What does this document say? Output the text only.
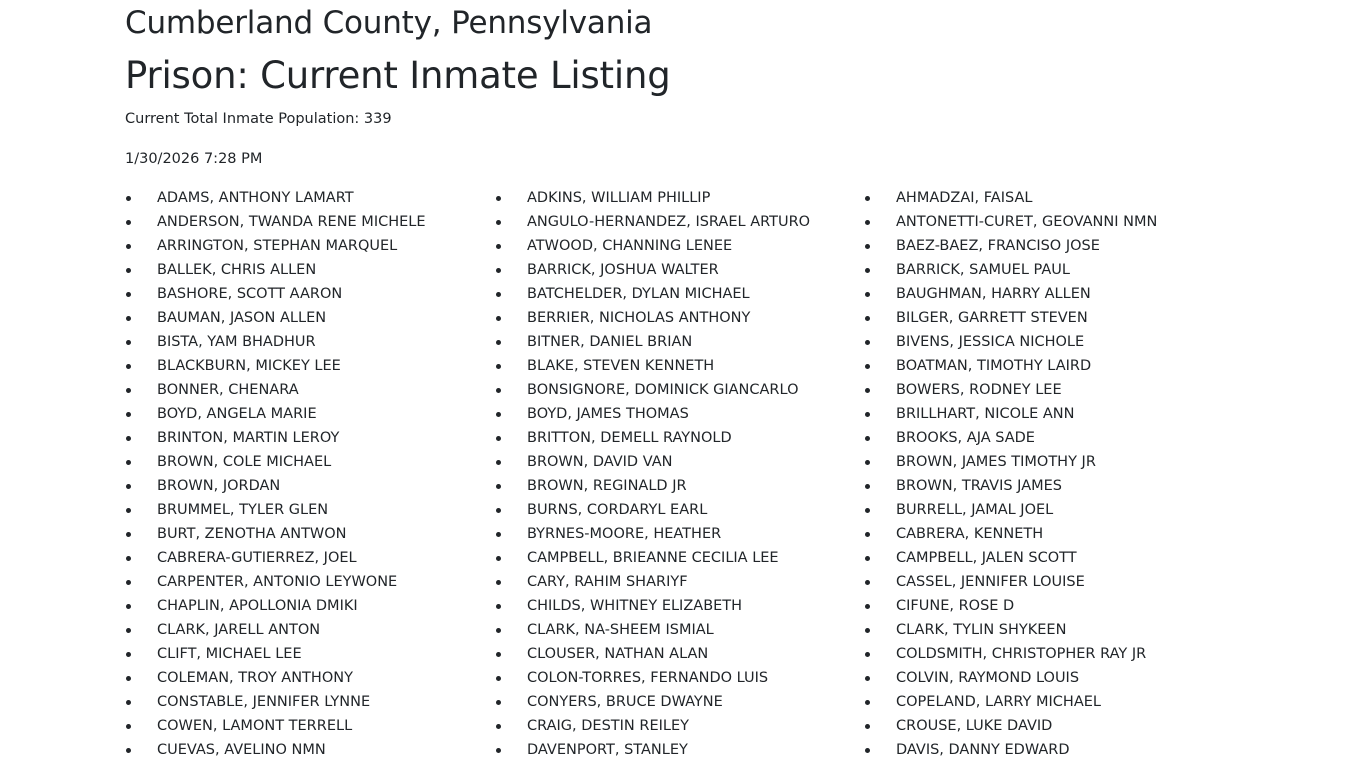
Cumberland County, Pennsylvania
Prison: Current Inmate Listing

Current Total Inmate Population: 339

1/30/2026 7:28 PM

ADAMS, ANTHONY LAMART
ANDERSON, TWANDA RENE MICHELE
ARRINGTON, STEPHAN MARQUEL
BALLEK, CHRIS ALLEN
BASHORE, SCOTT AARON
BAUMAN, JASON ALLEN
BISTA, YAM BHADHUR
BLACKBURN, MICKEY LEE
BONNER, CHENARA
BOYD, ANGELA MARIE
BRINTON, MARTIN LEROY
BROWN, COLE MICHAEL
BROWN, JORDAN
BRUMMEL, TYLER GLEN
BURT, ZENOTHA ANTWON
CABRERA-GUTIERREZ, JOEL
CARPENTER, ANTONIO LEYWONE
CHAPLIN, APOLLONIA DMIKI
CLARK, JARELL ANTON
CLIFT, MICHAEL LEE
COLEMAN, TROY ANTHONY
CONSTABLE, JENNIFER LYNNE
COWEN, LAMONT TERRELL
CUEVAS, AVELINO NMN
ADKINS, WILLIAM PHILLIP
ANGULO-HERNANDEZ, ISRAEL ARTURO
ATWOOD, CHANNING LENEE
BARRICK, JOSHUA WALTER
BATCHELDER, DYLAN MICHAEL
BERRIER, NICHOLAS ANTHONY
BITNER, DANIEL BRIAN
BLAKE, STEVEN KENNETH
BONSIGNORE, DOMINICK GIANCARLO
BOYD, JAMES THOMAS
BRITTON, DEMELL RAYNOLD
BROWN, DAVID VAN
BROWN, REGINALD JR
BURNS, CORDARYL EARL
BYRNES-MOORE, HEATHER
CAMPBELL, BRIEANNE CECILIA LEE
CARY, RAHIM SHARIYF
CHILDS, WHITNEY ELIZABETH
CLARK, NA-SHEEM ISMIAL
CLOUSER, NATHAN ALAN
COLON-TORRES, FERNANDO LUIS
CONYERS, BRUCE DWAYNE
CRAIG, DESTIN REILEY
DAVENPORT, STANLEY
AHMADZAI, FAISAL
ANTONETTI-CURET, GEOVANNI NMN
BAEZ-BAEZ, FRANCISO JOSE
BARRICK, SAMUEL PAUL
BAUGHMAN, HARRY ALLEN
BILGER, GARRETT STEVEN
BIVENS, JESSICA NICHOLE
BOATMAN, TIMOTHY LAIRD
BOWERS, RODNEY LEE
BRILLHART, NICOLE ANN
BROOKS, AJA SADE
BROWN, JAMES TIMOTHY JR
BROWN, TRAVIS JAMES
BURRELL, JAMAL JOEL
CABRERA, KENNETH
CAMPBELL, JALEN SCOTT
CASSEL, JENNIFER LOUISE
CIFUNE, ROSE D
CLARK, TYLIN SHYKEEN
COLDSMITH, CHRISTOPHER RAY JR
COLVIN, RAYMOND LOUIS
COPELAND, LARRY MICHAEL
CROUSE, LUKE DAVID
DAVIS, DANNY EDWARD
